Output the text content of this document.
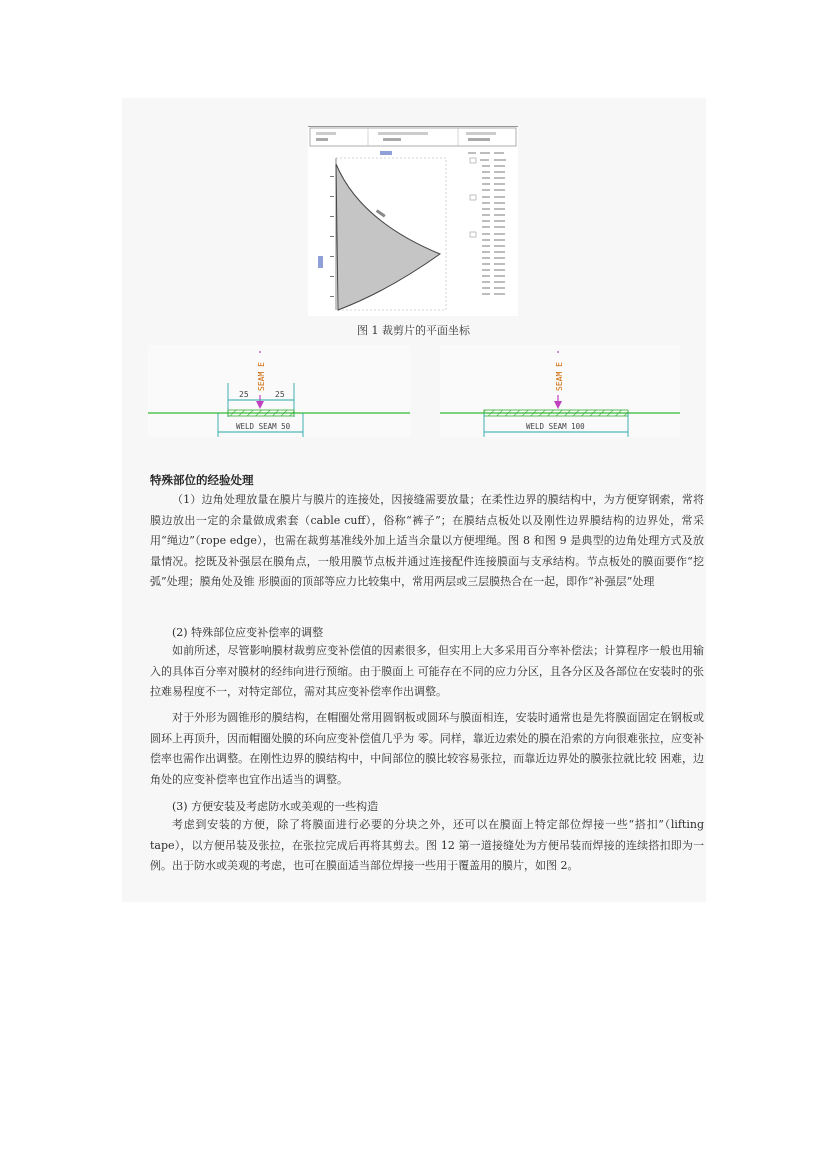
图 1 裁剪片的平面坐标
SEAM E
25	25
WELD SEAM 50
SEAM E
WELD SEAM 100
特殊部位的经验处理

（1）边角处理放量在膜片与膜片的连接处，因接缝需要放量；在柔性边界的膜结构中，为方便穿钢索，常将膜边放出一定的余量做成索套（cable cuff），俗称“裤子”；在膜结点板处以及刚性边界膜结构的边界处，常采用“绳边”（rope edge），也需在裁剪基准线外加上适当余量以方便埋绳。图 8 和图 9 是典型的边角处理方式及放量情况。挖既及补强层在膜角点，一般用膜节点板并通过连接配件连接膜面与支承结构。节点板处的膜面要作“挖弧”处理；膜角处及锥 形膜面的顶部等应力比较集中，常用两层或三层膜热合在一起，即作“补强层”处理

(2) 特殊部位应变补偿率的调整

如前所述，尽管影响膜材裁剪应变补偿值的因素很多，但实用上大多采用百分率补偿法；计算程序一般也用输入的具体百分率对膜材的经纬向进行预缩。由于膜面上 可能存在不同的应力分区，且各分区及各部位在安装时的张拉难易程度不一，对特定部位，需对其应变补偿率作出调整。

对于外形为圆锥形的膜结构，在帽圈处常用圆钢板或圆环与膜面相连，安装时通常也是先将膜面固定在钢板或圆环上再顶升，因而帽圈处膜的环向应变补偿值几乎为 零。同样，靠近边索处的膜在沿索的方向很难张拉，应变补偿率也需作出调整。在刚性边界的膜结构中，中间部位的膜比较容易张拉，而靠近边界处的膜张拉就比较 困难，边角处的应变补偿率也宜作出适当的调整。

(3) 方便安装及考虑防水或美观的一些构造

考虑到安装的方便，除了将膜面进行必要的分块之外，还可以在膜面上特定部位焊接一些“搭扣”（lifting tape），以方便吊装及张拉，在张拉完成后再将其剪去。图 12 第一道接缝处为方便吊装而焊接的连续搭扣即为一例。出于防水或美观的考虑，也可在膜面适当部位焊接一些用于覆盖用的膜片，如图 2。
